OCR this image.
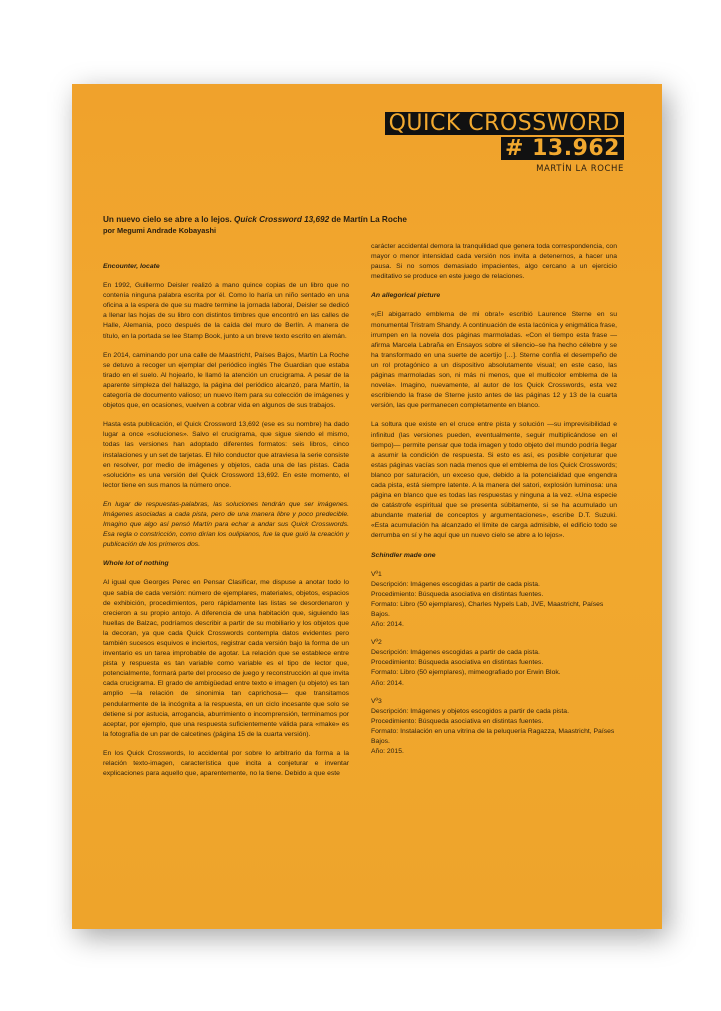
QUICK CROSSWORD
# 13.962
MARTÍN LA ROCHE
Un nuevo cielo se abre a lo lejos. Quick Crossword 13,692 de Martín La Roche
por Megumi Andrade Kobayashi

Encounter, locate

En 1992, Guillermo Deisler realizó a mano quince copias de un libro que no contenía ninguna palabra escrita por él. Como lo haría un niño sentado en una oficina a la espera de que su madre termine la jornada laboral, Deisler se dedicó a llenar las hojas de su libro con distintos timbres que encontró en las calles de Halle, Alemania, poco después de la caída del muro de Berlín. A manera de título, en la portada se lee Stamp Book, junto a un breve texto escrito en alemán.

En 2014, caminando por una calle de Maastricht, Países Bajos, Martín La Roche se detuvo a recoger un ejemplar del periódico inglés The Guardian que estaba tirado en el suelo. Al hojearlo, le llamó la atención un crucigrama. A pesar de la aparente simpleza del hallazgo, la página del periódico alcanzó, para Martín, la categoría de documento valioso; un nuevo ítem para su colección de imágenes y objetos que, en ocasiones, vuelven a cobrar vida en algunos de sus trabajos.

Hasta esta publicación, el Quick Crossword 13,692 (ese es su nombre) ha dado lugar a once «soluciones». Salvo el crucigrama, que sigue siendo el mismo, todas las versiones han adoptado diferentes formatos: seis libros, cinco instalaciones y un set de tarjetas. El hilo conductor que atraviesa la serie consiste en resolver, por medio de imágenes y objetos, cada una de las pistas. Cada «solución» es una versión del Quick Crossword 13,692. En este momento, el lector tiene en sus manos la número once.

En lugar de respuestas-palabras, las soluciones tendrán que ser imágenes. Imágenes asociadas a cada pista, pero de una manera libre y poco predecible. Imagino que algo así pensó Martín para echar a andar sus Quick Crosswords. Esa regla o constricción, como dirían los oulipianos, fue la que guió la creación y publicación de los primeros dos.

Whole lot of nothing

Al igual que Georges Perec en Pensar Clasificar, me dispuse a anotar todo lo que sabía de cada versión: número de ejemplares, materiales, objetos, espacios de exhibición, procedimientos, pero rápidamente las listas se desordenaron y crecieron a su propio antojo. A diferencia de una habitación que, siguiendo las huellas de Balzac, podríamos describir a partir de su mobiliario y los objetos que la decoran, ya que cada Quick Crosswords contempla datos evidentes pero también sucesos esquivos e inciertos, registrar cada versión bajo la forma de un inventario es un tarea improbable de agotar. La relación que se establece entre pista y respuesta es tan variable como variable es el tipo de lector que, potencialmente, formará parte del proceso de juego y reconstrucción al que invita cada crucigrama. El grado de ambigüedad entre texto e imagen (u objeto) es tan amplio —la relación de sinonimia tan caprichosa— que transitamos pendularmente de la incógnita a la respuesta, en un ciclo incesante que solo se detiene si por astucia, arrogancia, aburrimiento o incomprensión, terminamos por aceptar, por ejemplo, que una respuesta suficientemente válida para «make» es la fotografía de un par de calcetines (página 15 de la cuarta versión).

En los Quick Crosswords, lo accidental por sobre lo arbitrario da forma a la relación texto-imagen, característica que incita a conjeturar e inventar explicaciones para aquello que, aparentemente, no la tiene. Debido a que este

carácter accidental demora la tranquilidad que genera toda correspondencia, con mayor o menor intensidad cada versión nos invita a detenernos, a hacer una pausa. Si no somos demasiado impacientes, algo cercano a un ejercicio meditativo se produce en este juego de relaciones.

An allegorical picture

«¡El abigarrado emblema de mi obra!» escribió Laurence Sterne en su monumental Tristram Shandy. A continuación de esta lacónica y enigmática frase, irrumpen en la novela dos páginas marmoladas. «Con el tiempo esta frase —afirma Marcela Labraña en Ensayos sobre el silencio–se ha hecho célebre y se ha transformado en una suerte de acertijo […]. Sterne confía el desempeño de un rol protagónico a un dispositivo absolutamente visual; en este caso, las páginas marmoladas son, ni más ni menos, que el multicolor emblema de la novela». Imagino, nuevamente, al autor de los Quick Crosswords, esta vez escribiendo la frase de Sterne justo antes de las páginas 12 y 13 de la cuarta versión, las que permanecen completamente en blanco.

La soltura que existe en el cruce entre pista y solución —su imprevisibilidad e infinitud (las versiones pueden, eventualmente, seguir multiplicándose en el tiempo)— permite pensar que toda imagen y todo objeto del mundo podría llegar a asumir la condición de respuesta. Si esto es así, es posible conjeturar que estas páginas vacías son nada menos que el emblema de los Quick Crosswords; blanco por saturación, un exceso que, debido a la potencialidad que engendra cada pista, está siempre latente. A la manera del satori, explosión luminosa: una página en blanco que es todas las respuestas y ninguna a la vez. «Una especie de catástrofe espiritual que se presenta súbitamente, si se ha acumulado un abundante material de conceptos y argumentaciones», escribe D.T. Suzuki. «Esta acumulación ha alcanzado el límite de carga admisible, el edificio todo se derrumba en sí y he aquí que un nuevo cielo se abre a lo lejos».

Schindler made one

Vº1
Descripción: Imágenes escogidas a partir de cada pista.
Procedimiento: Búsqueda asociativa en distintas fuentes.
Formato: Libro (50 ejemplares), Charles Nypels Lab, JVE, Maastricht, Países Bajos.
Año: 2014.
Vº2
Descripción: Imágenes escogidas a partir de cada pista.
Procedimiento: Búsqueda asociativa en distintas fuentes.
Formato: Libro (50 ejemplares), mimeografiado por Erwin Blok.
Año: 2014.
Vº3
Descripción: Imágenes y objetos escogidos a partir de cada pista.
Procedimiento: Búsqueda asociativa en distintas fuentes.
Formato: Instalación en una vitrina de la peluquería Ragazza, Maastricht, Países Bajos.
Año: 2015.
